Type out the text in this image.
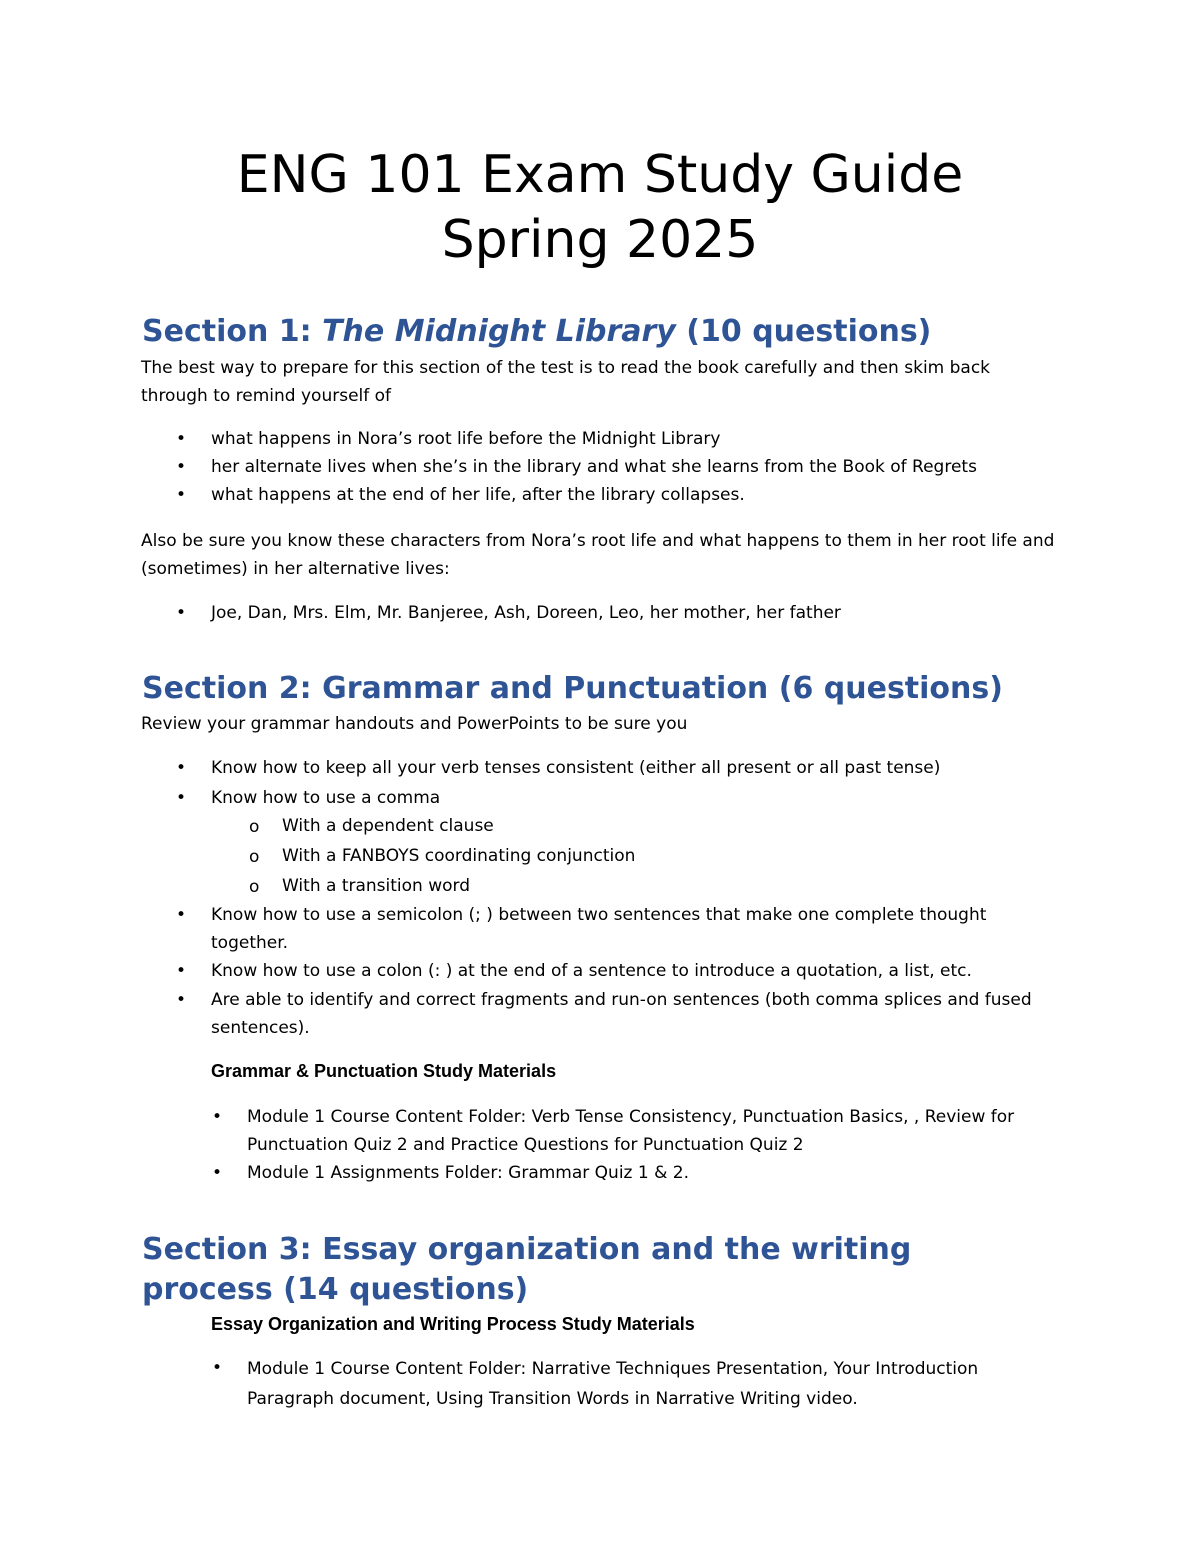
ENG 101 Exam Study Guide
Spring 2025
Section 1: The Midnight Library (10 questions)

The best way to prepare for this section of the test is to read the book carefully and then skim back through to remind yourself of

• what happens in Nora’s root life before the Midnight Library

• her alternate lives when she’s in the library and what she learns from the Book of Regrets

• what happens at the end of her life, after the library collapses.

Also be sure you know these characters from Nora’s root life and what happens to them in her root life and (sometimes) in her alternative lives:

• Joe, Dan, Mrs. Elm, Mr. Banjeree, Ash, Doreen, Leo, her mother, her father

Section 2: Grammar and Punctuation (6 questions)

Review your grammar handouts and PowerPoints to be sure you

• Know how to keep all your verb tenses consistent (either all present or all past tense)

• Know how to use a comma

o With a dependent clause

o With a FANBOYS coordinating conjunction

o With a transition word

• Know how to use a semicolon (; ) between two sentences that make one complete thought together.

• Know how to use a colon (: ) at the end of a sentence to introduce a quotation, a list, etc.

• Are able to identify and correct fragments and run-on sentences (both comma splices and fused sentences).

Grammar & Punctuation Study Materials
• Module 1 Course Content Folder: Verb Tense Consistency, Punctuation Basics, , Review for Punctuation Quiz 2 and Practice Questions for Punctuation Quiz 2

• Module 1 Assignments Folder: Grammar Quiz 1 & 2.

Section 3: Essay organization and the writing
process (14 questions)
Essay Organization and Writing Process Study Materials
• Module 1 Course Content Folder: Narrative Techniques Presentation, Your Introduction Paragraph document, Using Transition Words in Narrative Writing video.
